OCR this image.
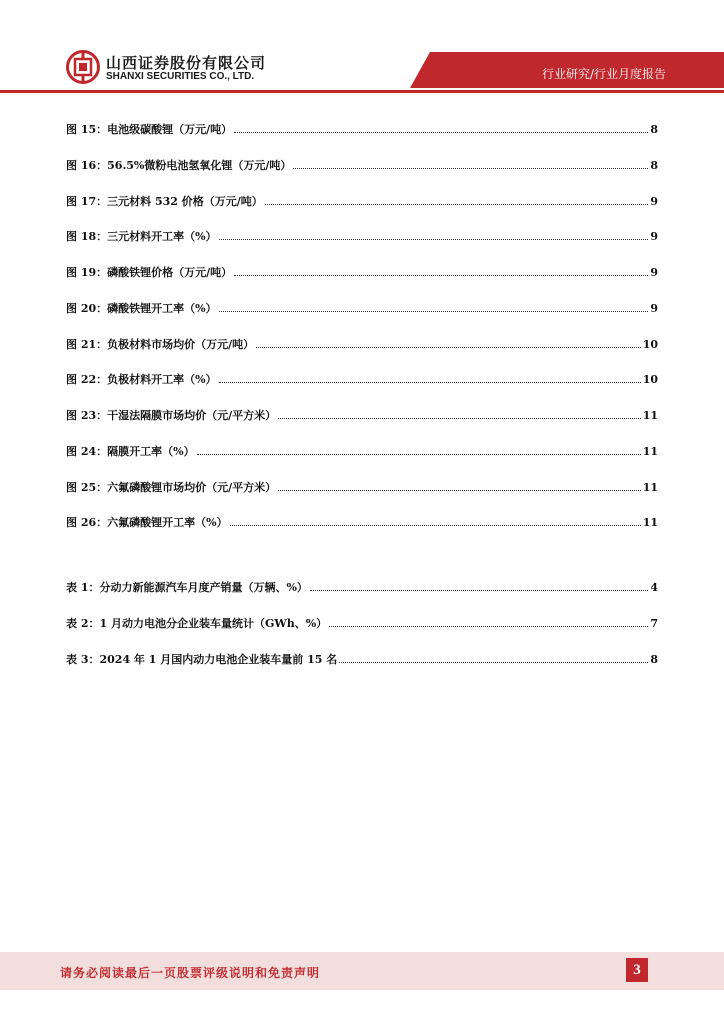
山西证券股份有限公司
SHANXI SECURITIES CO., LTD.	行业研究/行业月度报告
图 15： 电池级碳酸锂（万元/吨）	8
图 16： 56.5%微粉电池氢氧化锂（万元/吨）	8
图 17： 三元材料 532 价格（万元/吨）	9
图 18： 三元材料开工率（%）	9
图 19： 磷酸铁锂价格（万元/吨）	9
图 20： 磷酸铁锂开工率（%）	9
图 21： 负极材料市场均价（万元/吨）	10
图 22： 负极材料开工率（%）	10
图 23： 干湿法隔膜市场均价（元/平方米）	11
图 24： 隔膜开工率（%）	11
图 25： 六氟磷酸锂市场均价（元/平方米）	11
图 26： 六氟磷酸锂开工率（%）	11
表 1： 分动力新能源汽车月度产销量（万辆、%）	4
表 2： 1 月动力电池分企业装车量统计（GWh、%）	7
表 3： 2024 年 1 月国内动力电池企业装车量前 15 名	8
请务必阅读最后一页股票评级说明和免责声明	3
